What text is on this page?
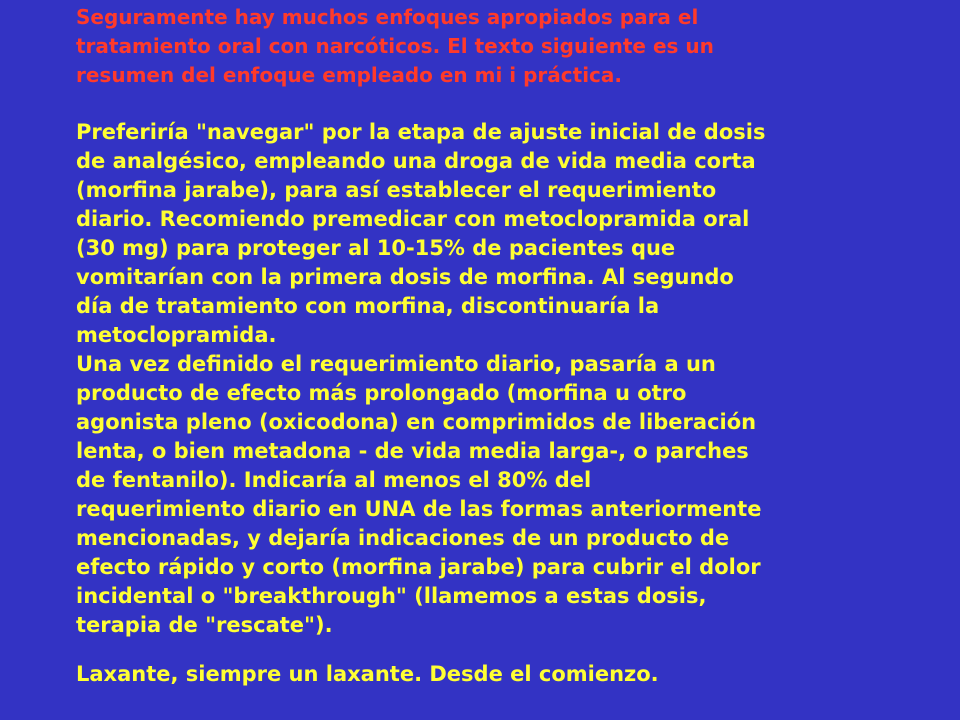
Seguramente hay muchos enfoques apropiados para el
tratamiento oral con narcóticos. El texto siguiente es un
resumen del enfoque empleado en mi i práctica.

Preferiría "navegar" por la etapa de ajuste inicial de dosis
de analgésico, empleando una droga de vida media corta
(morfina jarabe), para así establecer el requerimiento
diario. Recomiendo premedicar con metoclopramida oral
(30 mg) para proteger al 10-15% de pacientes que
vomitarían con la primera dosis de morfina. Al segundo
día de tratamiento con morfina, discontinuaría la
metoclopramida.

Una vez definido el requerimiento diario, pasaría a un
producto de efecto más prolongado (morfina u otro
agonista pleno (oxicodona) en comprimidos de liberación
lenta, o bien metadona - de vida media larga-, o parches
de fentanilo). Indicaría al menos el 80% del
requerimiento diario en UNA de las formas anteriormente
mencionadas, y dejaría indicaciones de un producto de
efecto rápido y corto (morfina jarabe) para cubrir el dolor
incidental o "breakthrough" (llamemos a estas dosis,
terapia de "rescate").

Laxante, siempre un laxante. Desde el comienzo.
